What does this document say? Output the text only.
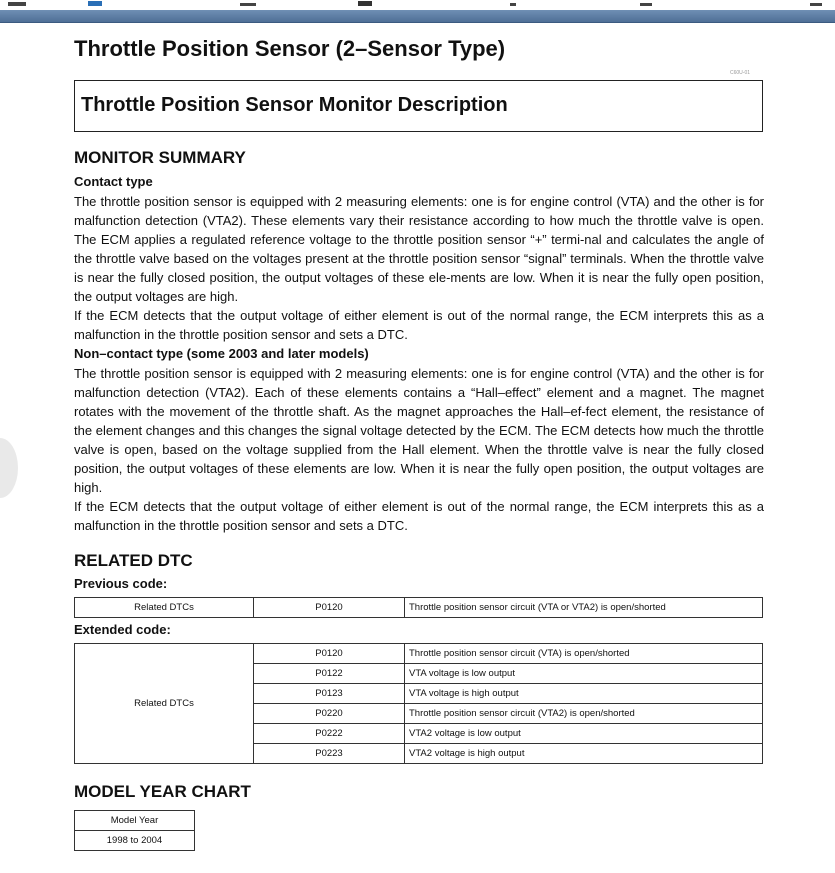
Throttle Position Sensor (2–Sensor Type)
C60U-01
Throttle Position Sensor Monitor Description
MONITOR SUMMARY
Contact type
The throttle position sensor is equipped with 2 measuring elements: one is for engine control (VTA) and the other is for malfunction detection (VTA2). These elements vary their resistance according to how much the throttle valve is open. The ECM applies a regulated reference voltage to the throttle position sensor “+” termi-nal and calculates the angle of the throttle valve based on the voltages present at the throttle position sensor “signal” terminals. When the throttle valve is near the fully closed position, the output voltages of these ele-ments are low. When it is near the fully open position, the output voltages are high.
If the ECM detects that the output voltage of either element is out of the normal range, the ECM interprets this as a malfunction in the throttle position sensor and sets a DTC.
Non–contact type (some 2003 and later models)
The throttle position sensor is equipped with 2 measuring elements: one is for engine control (VTA) and the other is for malfunction detection (VTA2). Each of these elements contains a “Hall–effect” element and a magnet. The magnet rotates with the movement of the throttle shaft. As the magnet approaches the Hall–ef-fect element, the resistance of the element changes and this changes the signal voltage detected by the ECM. The ECM detects how much the throttle valve is open, based on the voltage supplied from the Hall element. When the throttle valve is near the fully closed position, the output voltages of these elements are low. When it is near the fully open position, the output voltages are high.
If the ECM detects that the output voltage of either element is out of the normal range, the ECM interprets this as a malfunction in the throttle position sensor and sets a DTC.
RELATED DTC
Previous code:
Related DTCs	P0120	Throttle position sensor circuit (VTA or VTA2) is open/shorted
Extended code:
Related DTCs	P0120	Throttle position sensor circuit (VTA) is open/shorted
	P0122	VTA voltage is low output
	P0123	VTA voltage is high output
	P0220	Throttle position sensor circuit (VTA2) is open/shorted
	P0222	VTA2 voltage is low output
	P0223	VTA2 voltage is high output
MODEL YEAR CHART
Model Year
1998 to 2004
